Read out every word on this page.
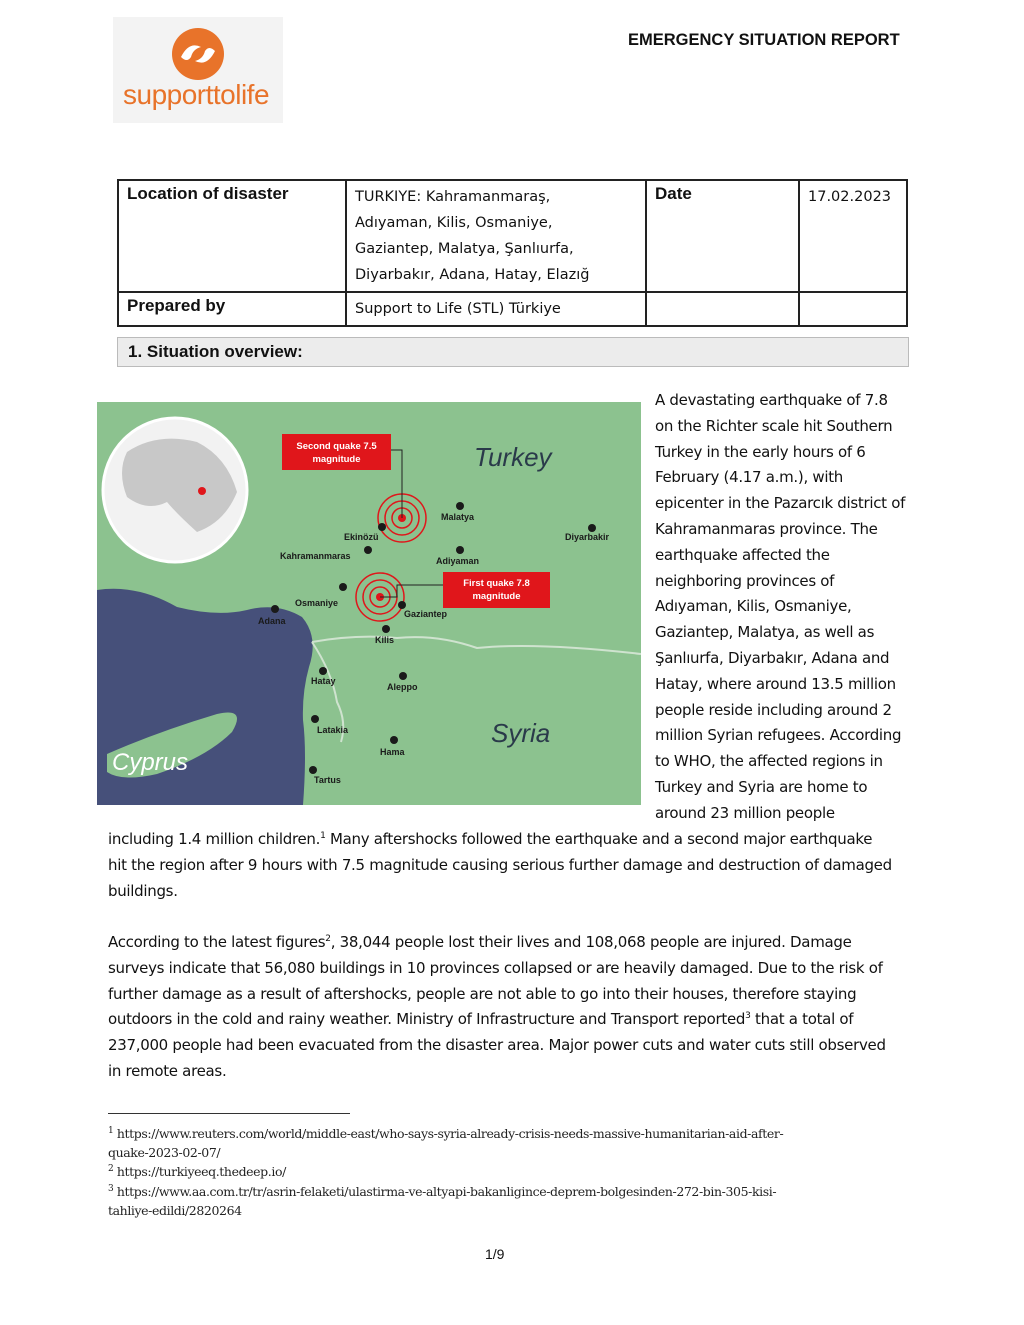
supporttolife
EMERGENCY SITUATION REPORT
Location of disaster	TURKIYE: Kahramanmaraş,
Adıyaman, Kilis, Osmaniye,
Gaziantep, Malatya, Şanlıurfa,
Diyarbakır, Adana, Hatay, Elazığ	Date	17.02.2023
Prepared by	Support to Life (STL) Türkiye		
1. Situation overview:
Second quake 7.5
magnitude
First quake 7.8
magnitude
Turkey
Syria
Cyprus
Malatya
Diyarbakir
Ekinözü
Kahramanmaras	Adiyaman
Osmaniye
Adana
Gaziantep
Kilis
Hatay
Aleppo
Latakia
Hama
Tartus
A devastating earthquake of 7.8
on the Richter scale hit Southern
Turkey in the early hours of 6
February (4.17 a.m.), with
epicenter in the Pazarcık district of
Kahramanmaras province. The
earthquake affected the
neighboring provinces of
Adıyaman, Kilis, Osmaniye,
Gaziantep, Malatya, as well as
Şanlıurfa, Diyarbakır, Adana and
Hatay, where around 13.5 million
people reside including around 2
million Syrian refugees. According
to WHO, the affected regions in
Turkey and Syria are home to
around 23 million people
including 1.4 million children.$^1$ Many aftershocks followed the earthquake and a second major earthquake
hit the region after 9 hours with 7.5 magnitude causing serious further damage and destruction of damaged
buildings.
According to the latest figures$^2$, 38,044 people lost their lives and 108,068 people are injured. Damage
surveys indicate that 56,080 buildings in 10 provinces collapsed or are heavily damaged. Due to the risk of
further damage as a result of aftershocks, people are not able to go into their houses, therefore staying
outdoors in the cold and rainy weather. Ministry of Infrastructure and Transport reported$^3$ that a total of
237,000 people had been evacuated from the disaster area. Major power cuts and water cuts still observed
in remote areas.
$^1$ https://www.reuters.com/world/middle-east/who-says-syria-already-crisis-needs-massive-humanitarian-aid-after-
quake-2023-02-07/
$^2$ https://turkiyeeq.thedeep.io/
$^3$ https://www.aa.com.tr/tr/asrin-felaketi/ulastirma-ve-altyapi-bakanligince-deprem-bolgesinden-272-bin-305-kisi-
tahliye-edildi/2820264
1/9
